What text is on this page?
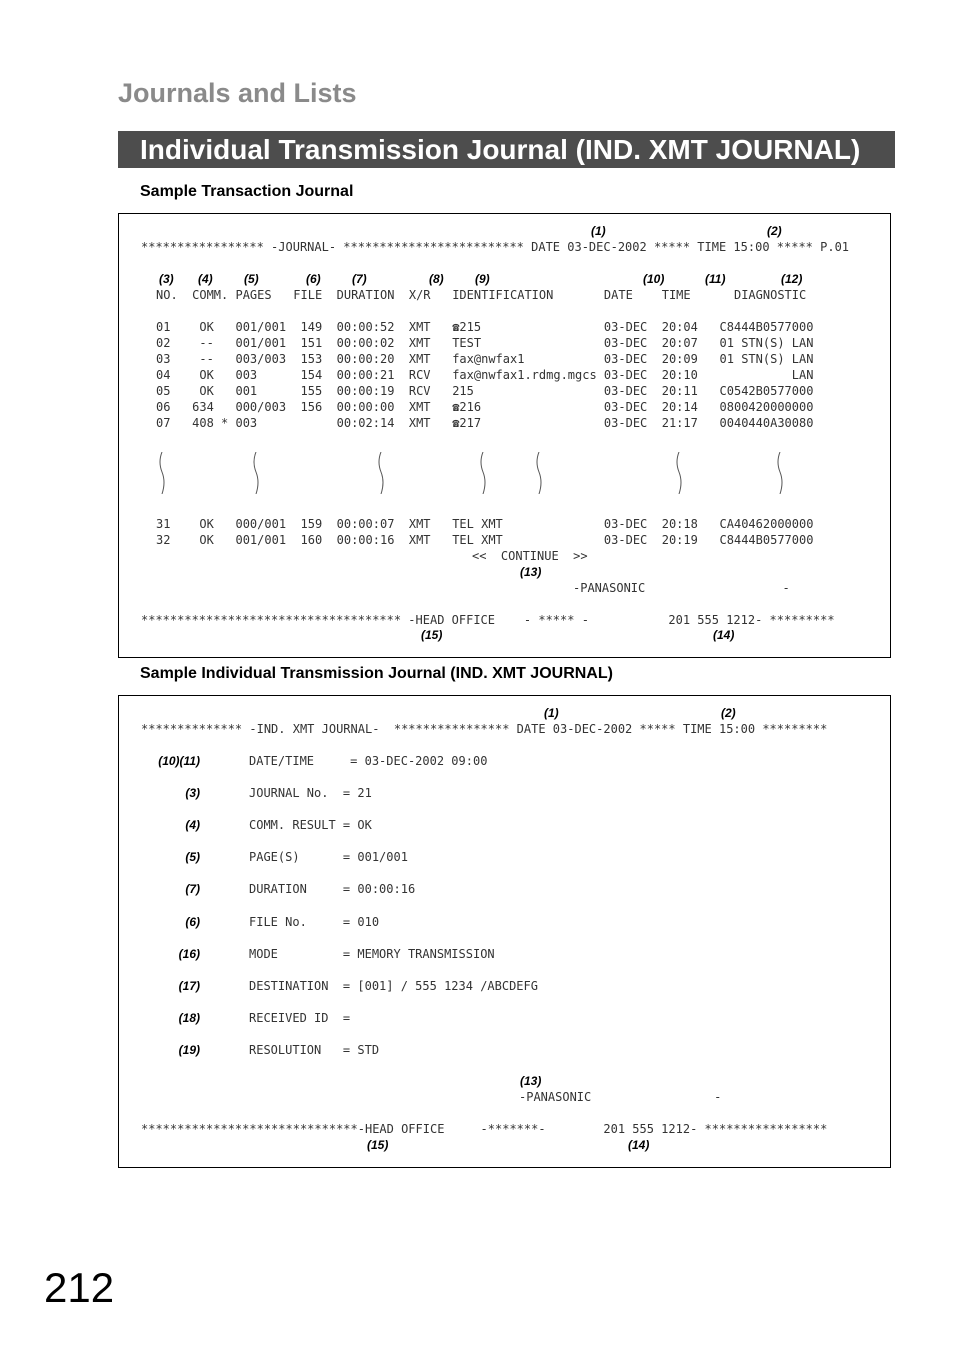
Journals and Lists
Individual Transmission Journal (IND. XMT JOURNAL)
Sample Transaction Journal
(1)	(2)
***************** -JOURNAL- ************************* DATE 03-DEC-2002 ***** TIME 15:00 ***** P.01
(3) (4)	(5)	(6)	(7)	(8)	(9)	(10)	(11)	(12)
NO.  COMM. PAGES   FILE  DURATION  X/R   IDENTIFICATION       DATE    TIME      DIAGNOSTIC
01    OK   001/001  149  00:00:52  XMT   ☎215                 03-DEC  20:04   C8444B0577000
02    --   001/001  151  00:00:02  XMT   TEST                 03-DEC  20:07   01 STN(S) LAN
03    --   003/003  153  00:00:20  XMT   fax@nwfax1           03-DEC  20:09   01 STN(S) LAN
04    OK   003      154  00:00:21  RCV   fax@nwfax1.rdmg.mgcs 03-DEC  20:10             LAN
05    OK   001      155  00:00:19  RCV   215                  03-DEC  20:11   C0542B0577000
06   634   000/003  156  00:00:00  XMT   ☎216                 03-DEC  20:14   0800420000000
07   408 * 003           00:02:14  XMT   ☎217                 03-DEC  21:17   0040440A30080
31    OK   000/001  159  00:00:07  XMT   TEL XMT              03-DEC  20:18   CA40462000000
32    OK   001/001  160  00:00:16  XMT   TEL XMT              03-DEC  20:19   C8444B0577000
<<  CONTINUE  >>
(13)
-PANASONIC                   -
************************************ -HEAD OFFICE    - ***** -           201 555 1212- *********
(15)	(14)
Sample Individual Transmission Journal (IND. XMT JOURNAL)
(1)	(2)
************** -IND. XMT JOURNAL-  **************** DATE 03-DEC-2002 ***** TIME 15:00 *********
(10)(11)	DATE/TIME     = 03-DEC-2002 09:00
(3)	JOURNAL No.  = 21
(4)	COMM. RESULT = OK
(5)	PAGE(S)      = 001/001
(7)	DURATION     = 00:00:16
(6)	FILE No.     = 010
(16)	MODE         = MEMORY TRANSMISSION
(17)	DESTINATION  = [001] / 555 1234 /ABCDEFG
(18)	RECEIVED ID  =
(19)	RESOLUTION   = STD
(13)
-PANASONIC                 -
******************************-HEAD OFFICE     -*******-        201 555 1212- *****************
(15)	(14)
212
